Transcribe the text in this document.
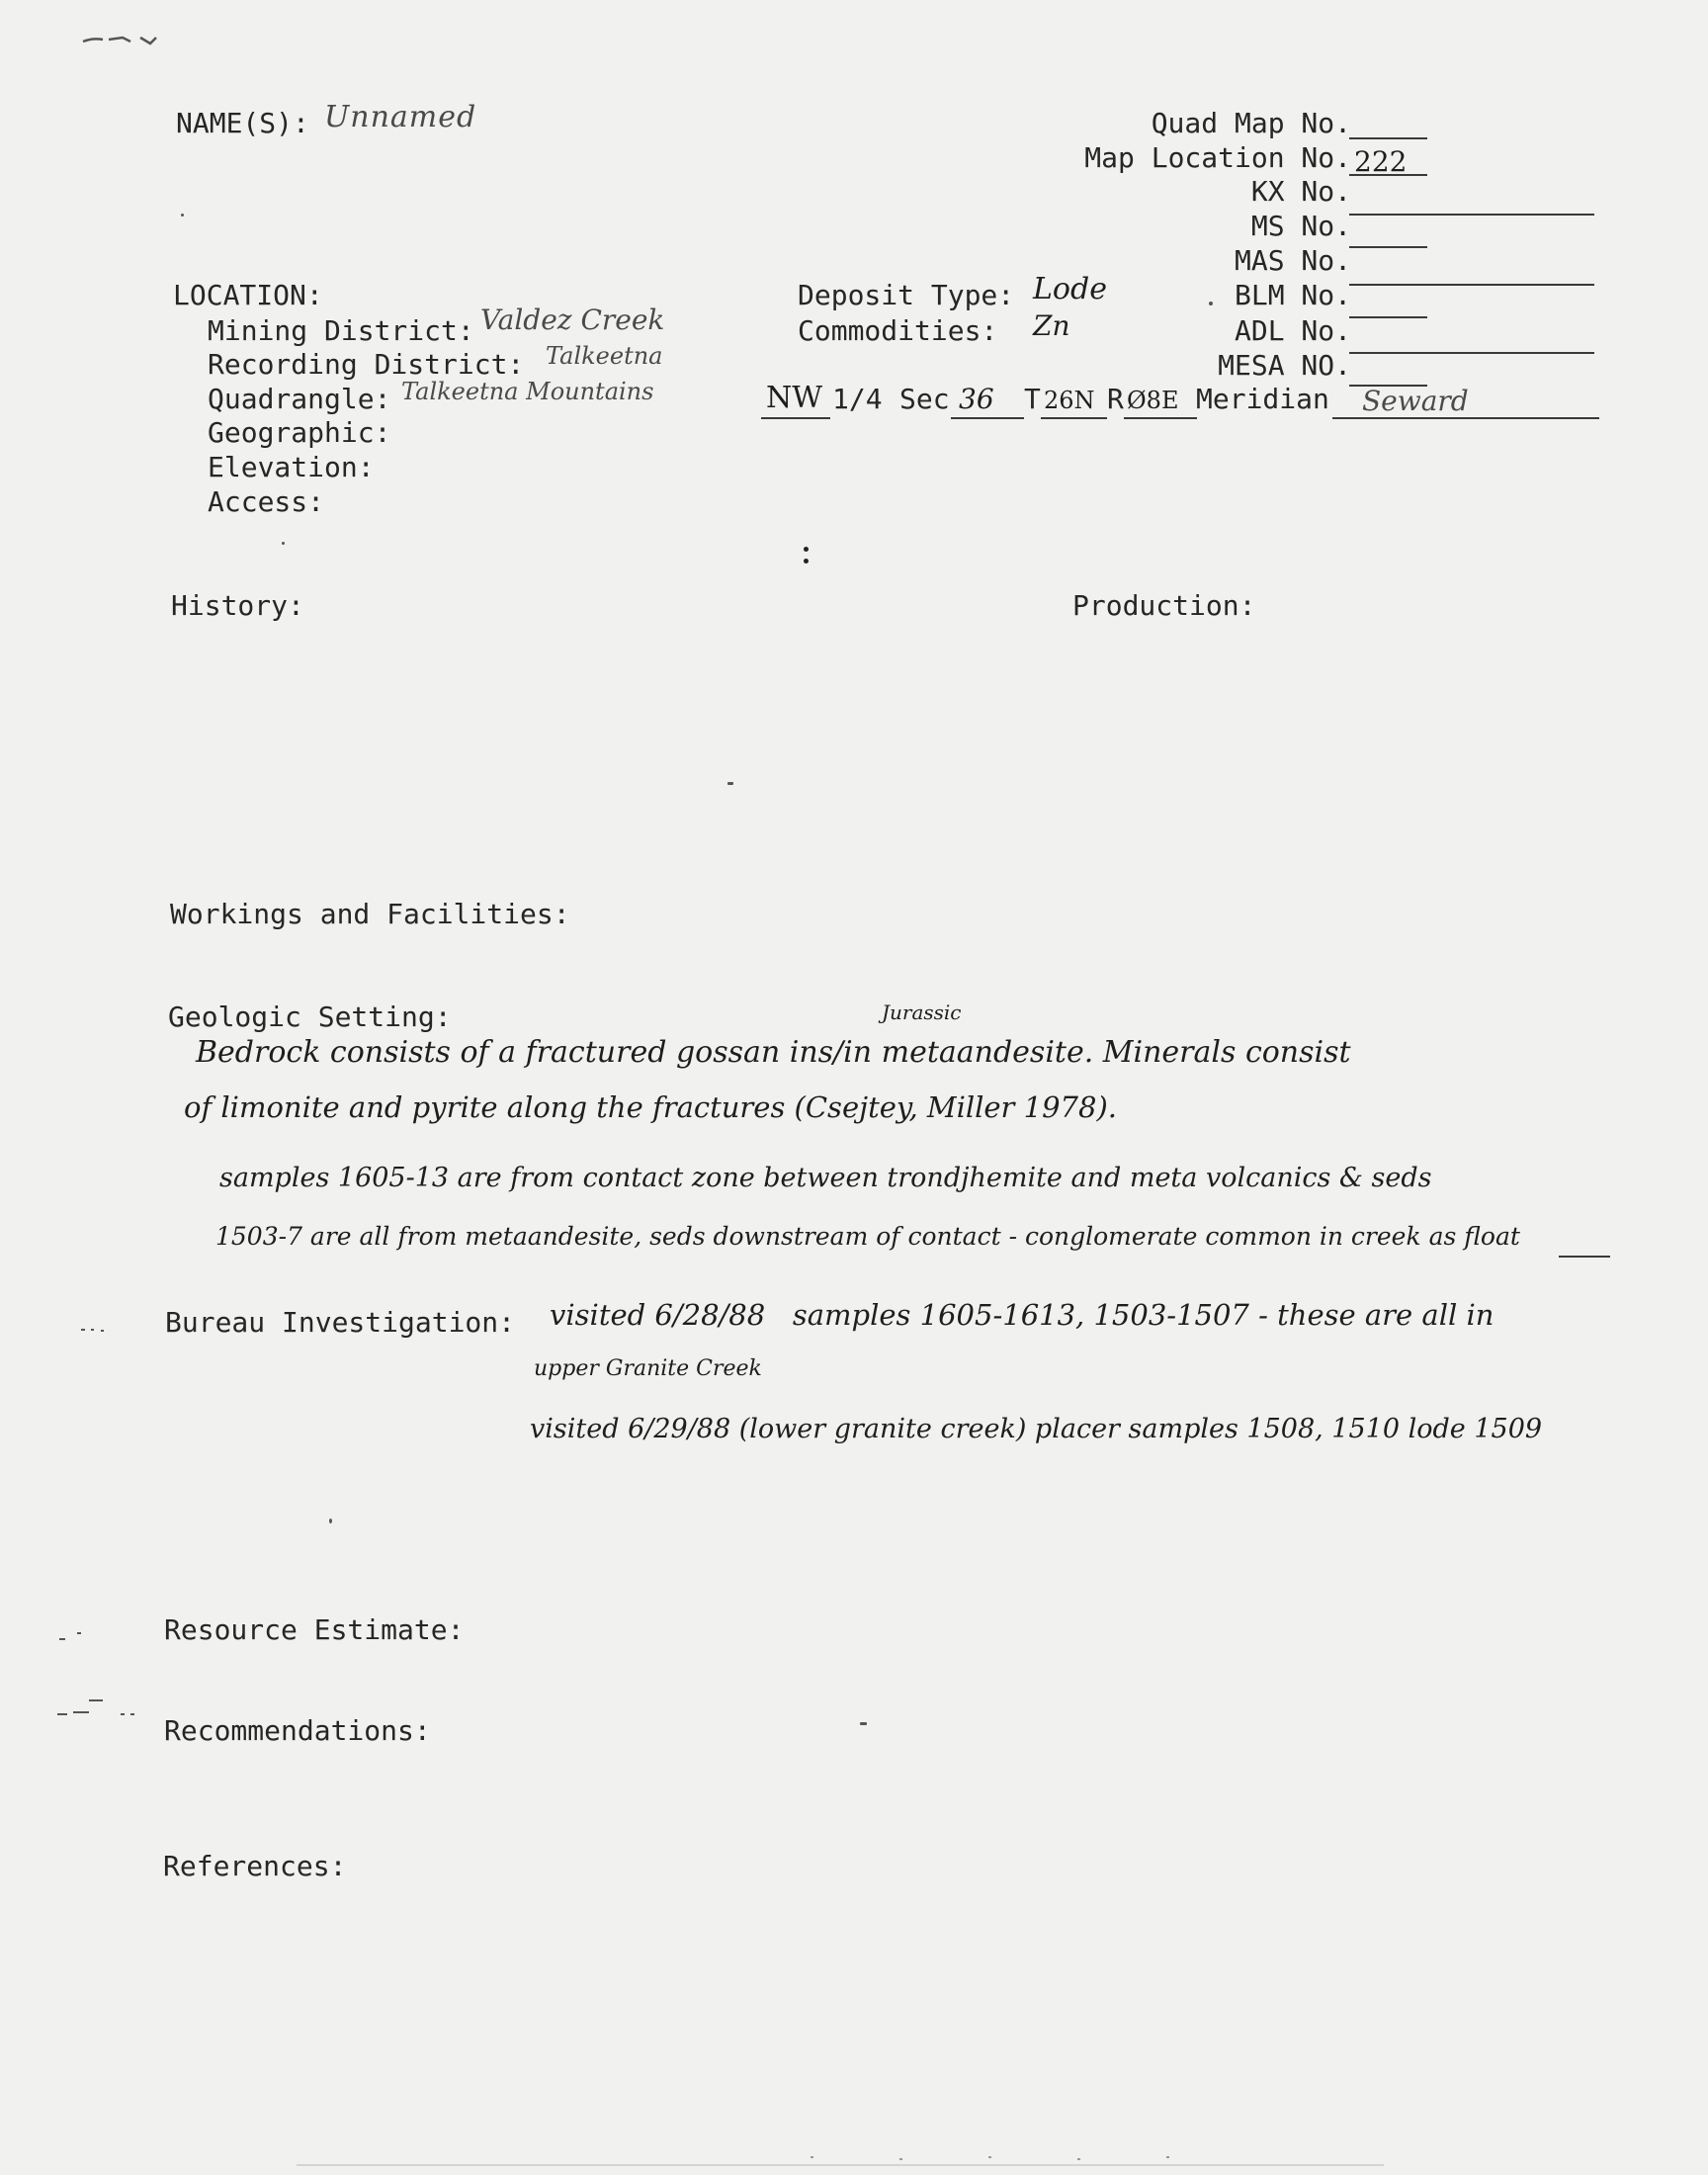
NAME(S): Unnamed	Quad Map No.
Map Location No. 222
KX No.
MS No.
MAS No.
BLM No.
ADL No.
MESA NO.
LOCATION:
Mining District: Valdez Creek
Recording District: Talkeetna
Quadrangle: Talkeetna Mountains
Geographic:
Elevation:
Access:
Deposit Type: Lode
Commodities: Zn
NW 1/4 Sec 36 T 26N R Ø8E Meridian Seward
History:	Production:
Workings and Facilities:
Geologic Setting:	Jurassic
Bedrock consists of a fractured gossan ins/in metaandesite. Minerals consist
of limonite and pyrite along the fractures (Csejtey, Miller 1978).
samples 1605-13 are from contact zone between trondjhemite and meta volcanics & seds
1503-7 are all from metaandesite, seds downstream of contact - conglomerate common in creek as float
Bureau Investigation: visited 6/28/88   samples 1605-1613, 1503-1507 - these are all in
upper Granite Creek
visited 6/29/88 (lower granite creek) placer samples 1508, 1510 lode 1509
Resource Estimate:
Recommendations:
References:
